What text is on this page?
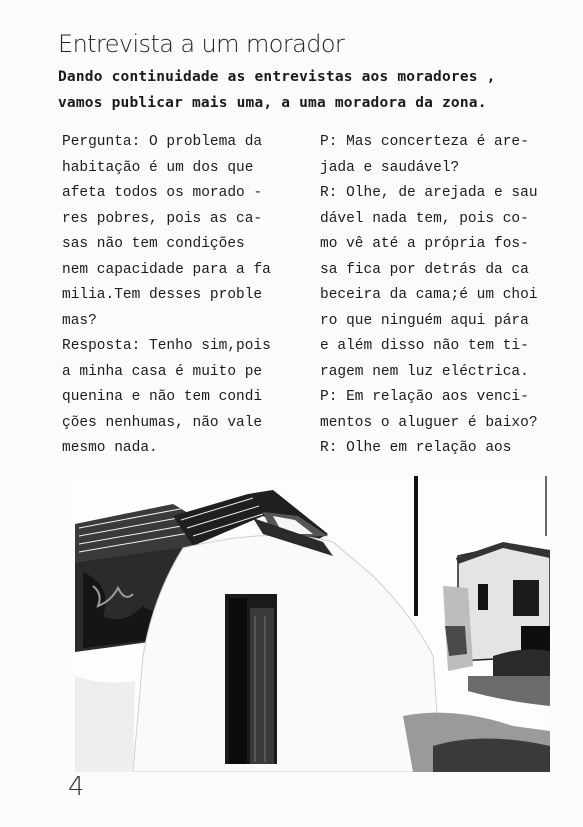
Entrevista a um morador

Dando continuidade as entrevistas aos moradores ,

vamos publicar mais uma, a uma moradora da zona.

Pergunta: O problema da

habitação é um dos que

afeta todos os morado -

res pobres, pois as ca-

sas não tem condições

nem capacidade para a fa

milia.Tem desses proble

mas?

Resposta: Tenho sim,pois

a minha casa é muito pe

quenina e não tem condi

ções nenhumas, não vale

mesmo nada.

P: Mas concerteza é are-

jada e saudável?

R: Olhe, de arejada e sau

dável nada tem, pois co-

mo vê até a própria fos-

sa fica por detrás da ca

beceira da cama;é um choi

ro que ninguém aqui pára

e além disso não tem ti-

ragem nem luz eléctrica.

P: Em relação aos venci-

mentos o aluguer é baixo?

R: Olhe em relação aos

4
